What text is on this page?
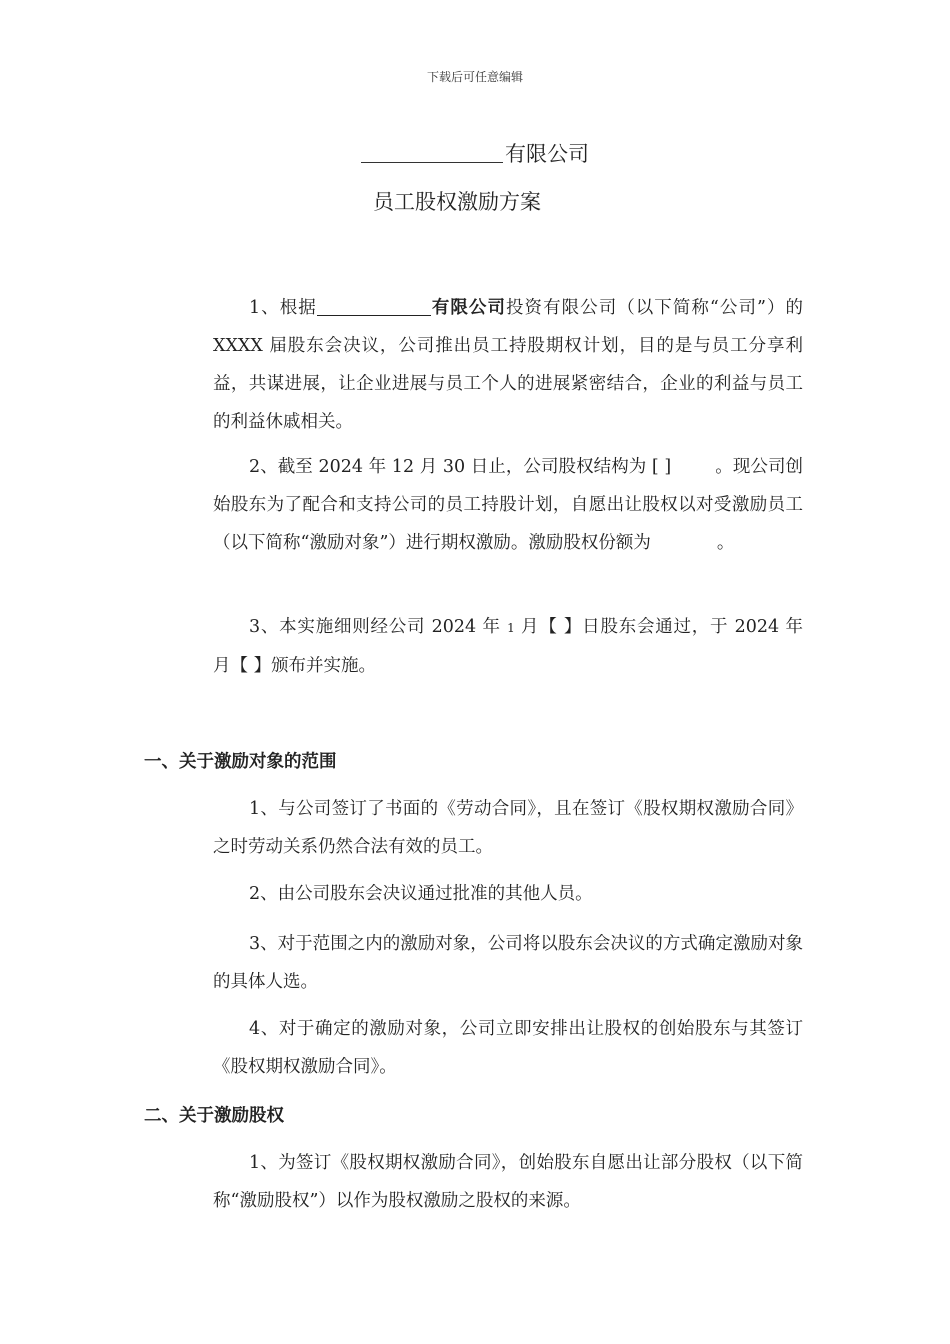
下载后可任意编辑
有限公司
员工股权激励方案
1、根据	有限公司投资有限公司（以下简称“公司”）的 XXXX 届股东会决议，公司推出员工持股期权计划，目的是与员工分享利益，共谋进展，让企业进展与员工个人的进展紧密结合，企业的利益与员工的利益休戚相关。
2、截至 2024 年 12 月 30 日止，公司股权结构为 [ ]	。现公司创始股东为了配合和支持公司的员工持股计划，自愿出让股权以对受激励员工（以下简称“激励对象”）进行期权激励。激励股权份额为	。
3、本实施细则经公司 2024 年 1 月【 】日股东会通过，于 2024 年 月【 】颁布并实施。
一、关于激励对象的范围
1、与公司签订了书面的《劳动合同》，且在签订《股权期权激励合同》之时劳动关系仍然合法有效的员工。
2、由公司股东会决议通过批准的其他人员。
3、对于范围之内的激励对象，公司将以股东会决议的方式确定激励对象的具体人选。
4、对于确定的激励对象，公司立即安排出让股权的创始股东与其签订《股权期权激励合同》。
二、关于激励股权
1、为签订《股权期权激励合同》，创始股东自愿出让部分股权（以下简称“激励股权”）以作为股权激励之股权的来源。
